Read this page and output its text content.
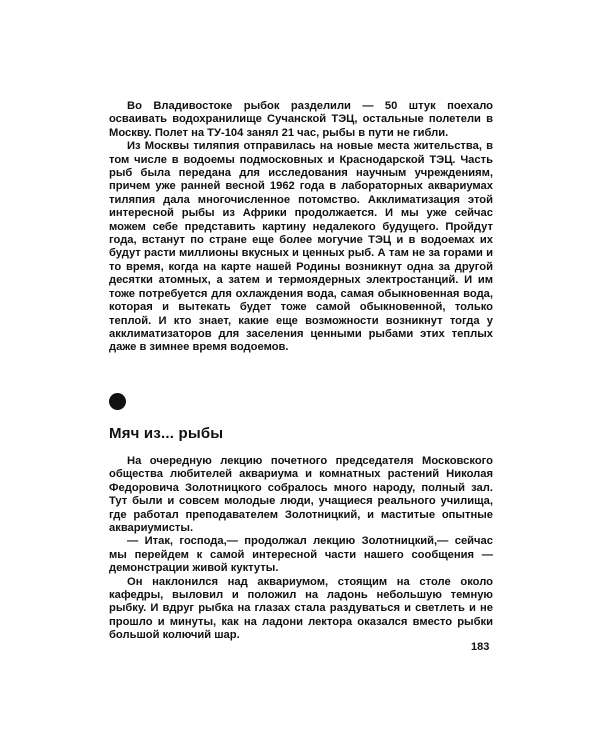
Во Владивостоке рыбок разделили — 50 штук поехало осваивать водохранилище Сучанской ТЭЦ, остальные полетели в Москву. Полет на ТУ-104 занял 21 час, рыбы в пути не гибли.

Из Москвы тиляпия отправилась на новые места жительства, в том числе в водоемы подмосковных и Краснодарской ТЭЦ. Часть рыб была передана для исследования научным учреждениям, причем уже ранней весной 1962 года в лабораторных аквариумах тиляпия дала многочисленное потомство. Акклиматизация этой интересной рыбы из Африки продолжается. И мы уже сейчас можем себе представить картину недалекого будущего. Пройдут года, встанут по стране еще более могучие ТЭЦ и в водоемах их будут расти миллионы вкусных и ценных рыб. А там не за горами и то время, когда на карте нашей Родины возникнут одна за другой десятки атомных, а затем и термоядерных электростанций. И им тоже потребуется для охлаждения вода, самая обыкновенная вода, которая и вытекать будет тоже самой обыкновенной, только теплой. И кто знает, какие еще возможности возникнут тогда у акклиматизаторов для заселения ценными рыбами этих теплых даже в зимнее время водоемов.

Мяч из... рыбы

На очередную лекцию почетного председателя Московского общества любителей аквариума и комнатных растений Николая Федоровича Золотницкого собралось много народу, полный зал. Тут были и совсем молодые люди, учащиеся реального училища, где работал преподавателем Золотницкий, и маститые опытные аквариумисты.

— Итак, господа,— продолжал лекцию Золотницкий,— сейчас мы перейдем к самой интересной части нашего сообщения — демонстрации живой куктуты.

Он наклонился над аквариумом, стоящим на столе около кафедры, выловил и положил на ладонь небольшую темную рыбку. И вдруг рыбка на глазах стала раздуваться и светлеть и не прошло и минуты, как на ладони лектора оказался вместо рыбки большой колючий шар.

183
